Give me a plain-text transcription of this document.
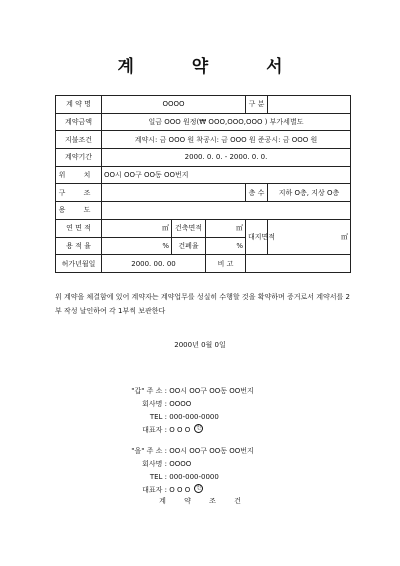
계 약 서
계 약 명	OOOO			구 분	
계약금액	일금 OOO 원정(₩ OOO,OOO,OOO ) 부가세별도				
지불조건	계약시: 금 OOO 원 착공시: 금 OOO 원 준공시: 금 OOO 원				
계약기간	2000. 0. 0. - 2000. 0. 0.				
위 치	OO시 OO구 OO동 OO번지				
구 조				층 수	지하 O층, 지상 O층
용 도					
연 면 적	㎡	건축면적	㎡	대지면적	㎡
용 적 율	%	건폐율	%		
허가년월일	2000. 00. 00		비 고		
위 계약을 체결함에 있어 계약자는 계약업무를 성실히 수행할 것을 확약하며 증거로서 계약서를 2부 작성 날인하여 각 1부씩 보관한다
2000년 0월 0일
"갑" 주 소 :
OO시 OO구 OO동 OO번지
회사명 :
OOOO
TEL :
000-000-0000
대표자 :
O O O	인
"을" 주 소 :
OO시 OO구 OO동 OO번지
회사명 :
OOOO
TEL :
000-000-0000
대표자 :
O O O	인
계 약 조 건
